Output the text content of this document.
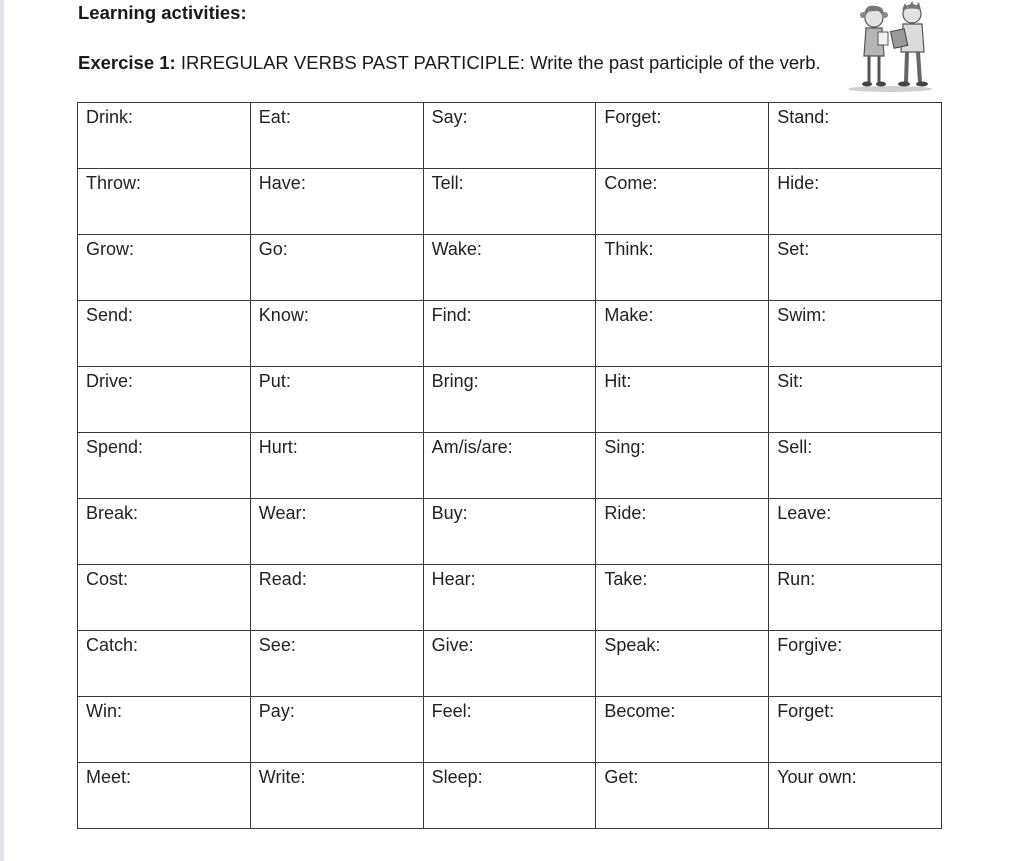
Learning activities:

Exercise 1: IRREGULAR VERBS PAST PARTICIPLE: Write the past participle of the verb.

Drink:	Eat:	Say:	Forget:	Stand:
Throw:	Have:	Tell:	Come:	Hide:
Grow:	Go:	Wake:	Think:	Set:
Send:	Know:	Find:	Make:	Swim:
Drive:	Put:	Bring:	Hit:	Sit:
Spend:	Hurt:	Am/is/are:	Sing:	Sell:
Break:	Wear:	Buy:	Ride:	Leave:
Cost:	Read:	Hear:	Take:	Run:
Catch:	See:	Give:	Speak:	Forgive:
Win:	Pay:	Feel:	Become:	Forget:
Meet:	Write:	Sleep:	Get:	Your own:
